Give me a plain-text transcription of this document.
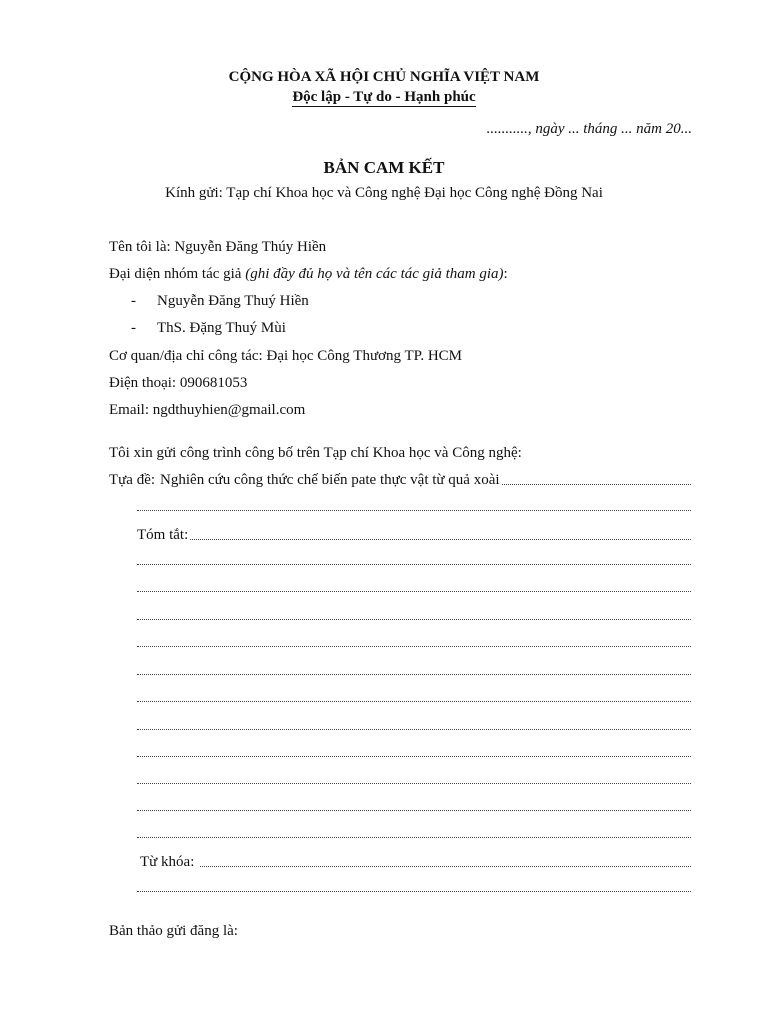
CỘNG HÒA XÃ HỘI CHỦ NGHĨA VIỆT NAM
Độc lập - Tự do - Hạnh phúc
..........., ngày ... tháng ... năm 20...
BẢN CAM KẾT
Kính gửi: Tạp chí Khoa học và Công nghệ Đại học Công nghệ Đồng Nai
Tên tôi là: Nguyễn Đăng Thúy Hiền
Đại diện nhóm tác giả (ghi đầy đủ họ và tên các tác giả tham gia):
- Nguyễn Đăng Thuý Hiền
- ThS. Đặng Thuý Mùi
Cơ quan/địa chỉ công tác: Đại học Công Thương TP. HCM
Điện thoại: 090681053
Email: ngdthuyhien@gmail.com
Tôi xin gửi công trình công bố trên Tạp chí Khoa học và Công nghệ:
Tựa đề: Nghiên cứu công thức chế biến pate thực vật từ quả xoài
Tóm tắt:
Từ khóa:
Bản thảo gửi đăng là:
